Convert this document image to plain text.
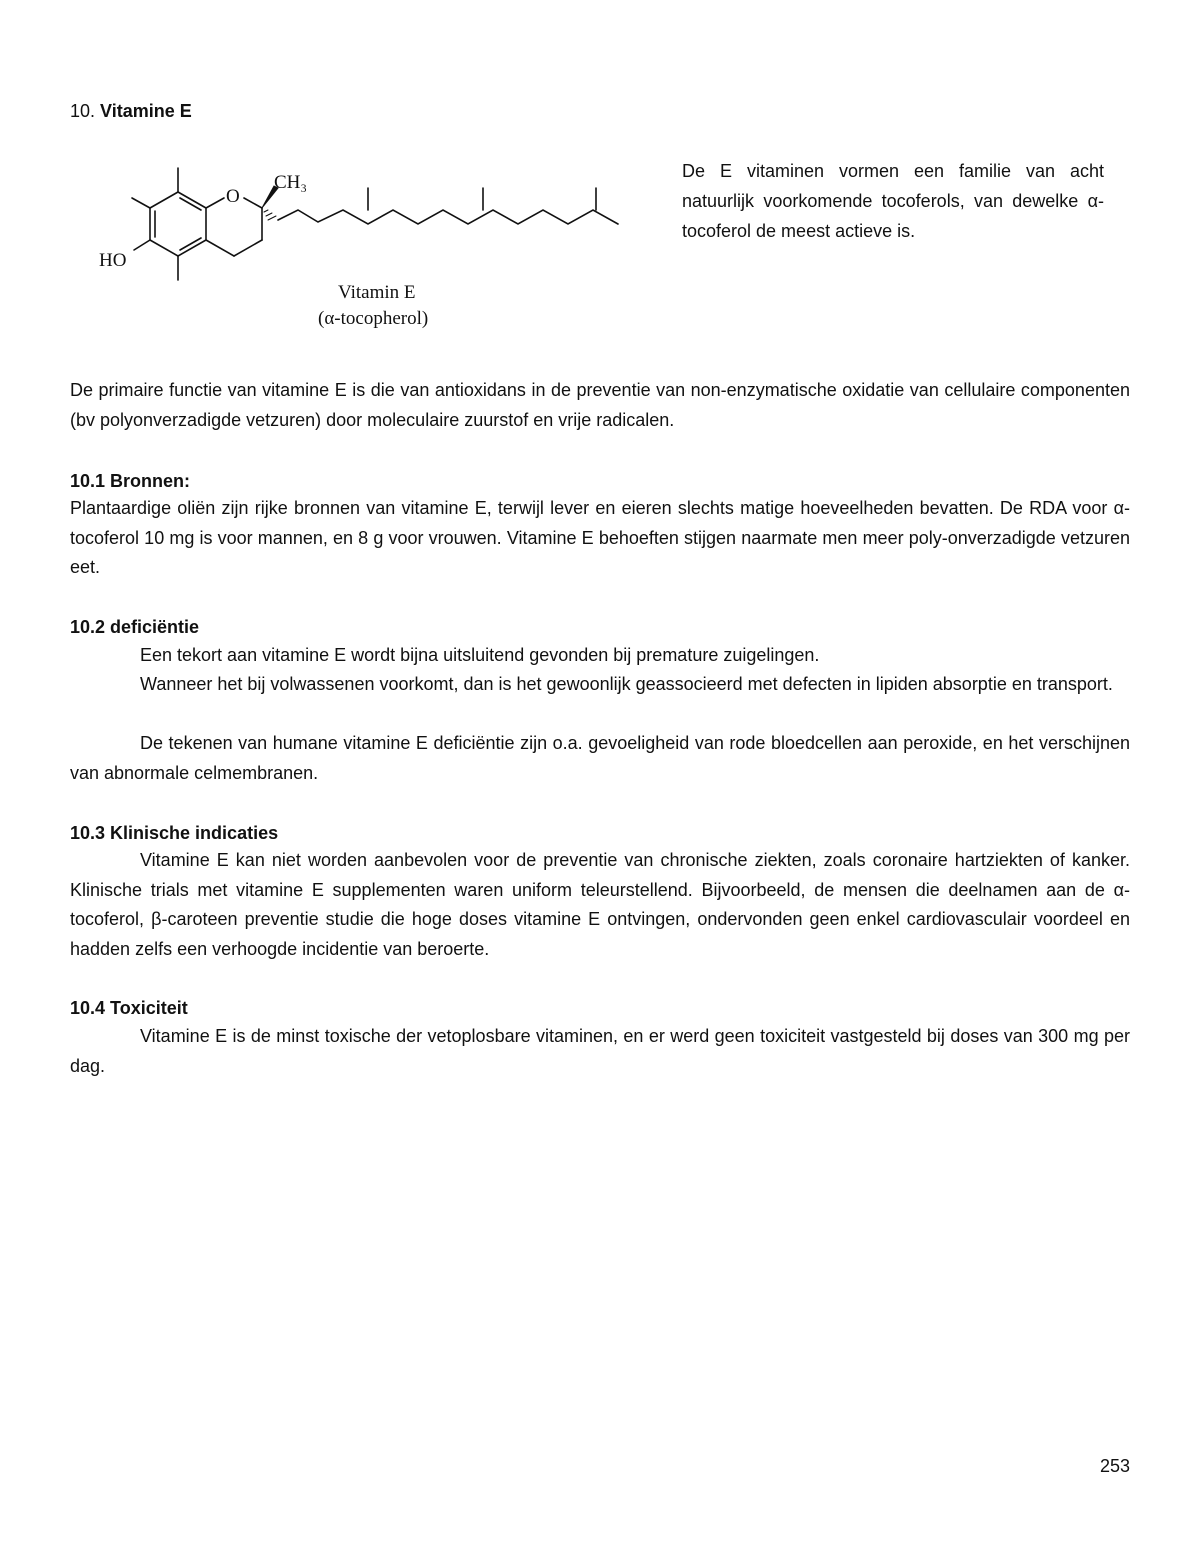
10. Vitamine E
HO
O
CH₃
Vitamin E
(α-tocopherol)
De E vitaminen vormen een familie van acht natuurlijk voorkomende tocoferols, van dewelke α-tocoferol de meest actieve is.

De primaire functie van vitamine E is die van antioxidans in de preventie van non-enzymatische oxidatie van cellulaire componenten (bv polyonverzadigde vetzuren) door moleculaire zuurstof en vrije radicalen.

10.1 Bronnen:

Plantaardige oliën zijn rijke bronnen van vitamine E, terwijl lever en eieren slechts matige hoeveelheden bevatten. De RDA voor α-tocoferol 10 mg is voor mannen, en 8 g voor vrouwen. Vitamine E behoeften stijgen naarmate men meer poly-onverzadigde vetzuren eet.

10.2 deficiëntie

Een tekort aan vitamine E wordt bijna uitsluitend gevonden bij premature zuigelingen.

Wanneer het bij volwassenen voorkomt, dan is het gewoonlijk geassocieerd met defecten in lipiden absorptie en transport.

De tekenen van humane vitamine E deficiëntie zijn o.a. gevoeligheid van rode bloedcellen aan peroxide, en het verschijnen van abnormale celmembranen.

10.3 Klinische indicaties

Vitamine E kan niet worden aanbevolen voor de preventie van chronische ziekten, zoals coronaire hartziekten of kanker. Klinische trials met vitamine E supplementen waren uniform teleurstellend. Bijvoorbeeld, de mensen die deelnamen aan de α-tocoferol, β-caroteen preventie studie die hoge doses vitamine E ontvingen, ondervonden geen enkel cardiovasculair voordeel en hadden zelfs een verhoogde incidentie van beroerte.

10.4 Toxiciteit

Vitamine E is de minst toxische der vetoplosbare vitaminen, en er werd geen toxiciteit vastgesteld bij doses van 300 mg per dag.

253
